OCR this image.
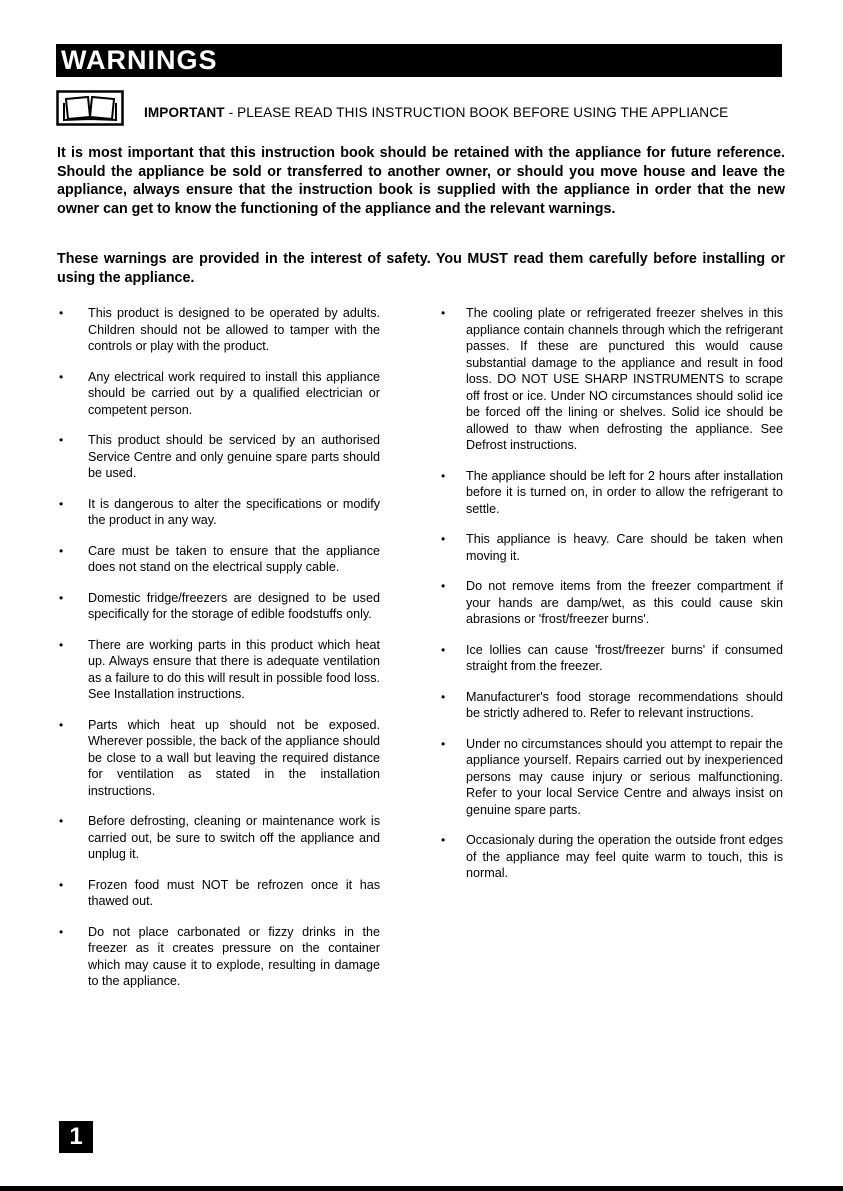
WARNINGS
IMPORTANT - PLEASE READ THIS INSTRUCTION BOOK BEFORE USING THE APPLIANCE

It is most important that this instruction book should be retained with the appliance for future reference. Should the appliance be sold or transferred to another owner, or should you move house and leave the appliance, always ensure that the instruction book is supplied with the appliance in order that the new owner can get to know the functioning of the appliance and the relevant warnings.

These warnings are provided in the interest of safety. You MUST read them carefully before installing or using the appliance.

• This product is designed to be operated by adults. Children should not be allowed to tamper with the controls or play with the product.
• Any electrical work required to install this appliance should be carried out by a qualified electrician or competent person.
• This product should be serviced by an authorised Service Centre and only genuine spare parts should be used.
• It is dangerous to alter the specifications or modify the product in any way.
• Care must be taken to ensure that the appliance does not stand on the electrical supply cable.
• Domestic fridge/freezers are designed to be used specifically for the storage of edible foodstuffs only.
• There are working parts in this product which heat up. Always ensure that there is adequate ventilation as a failure to do this will result in possible food loss. See Installation instructions.
• Parts which heat up should not be exposed. Wherever possible, the back of the appliance should be close to a wall but leaving the required distance for ventilation as stated in the installation instructions.
• Before defrosting, cleaning or maintenance work is carried out, be sure to switch off the appliance and unplug it.
• Frozen food must NOT be refrozen once it has thawed out.
• Do not place carbonated or fizzy drinks in the freezer as it creates pressure on the container which may cause it to explode, resulting in damage to the appliance.
• The cooling plate or refrigerated freezer shelves in this appliance contain channels through which the refrigerant passes. If these are punctured this would cause substantial damage to the appliance and result in food loss. DO NOT USE SHARP INSTRUMENTS to scrape off frost or ice. Under NO circumstances should solid ice be forced off the lining or shelves. Solid ice should be allowed to thaw when defrosting the appliance. See Defrost instructions.
• The appliance should be left for 2 hours after installation before it is turned on, in order to allow the refrigerant to settle.
• This appliance is heavy. Care should be taken when moving it.
• Do not remove items from the freezer compartment if your hands are damp/wet, as this could cause skin abrasions or 'frost/freezer burns'.
• Ice lollies can cause 'frost/freezer burns' if consumed straight from the freezer.
• Manufacturer's food storage recommendations should be strictly adhered to. Refer to relevant instructions.
• Under no circumstances should you attempt to repair the appliance yourself. Repairs carried out by inexperienced persons may cause injury or serious malfunctioning. Refer to your local Service Centre and always insist on genuine spare parts.
• Occasionaly during the operation the outside front edges of the appliance may feel quite warm to touch, this is normal.
1
